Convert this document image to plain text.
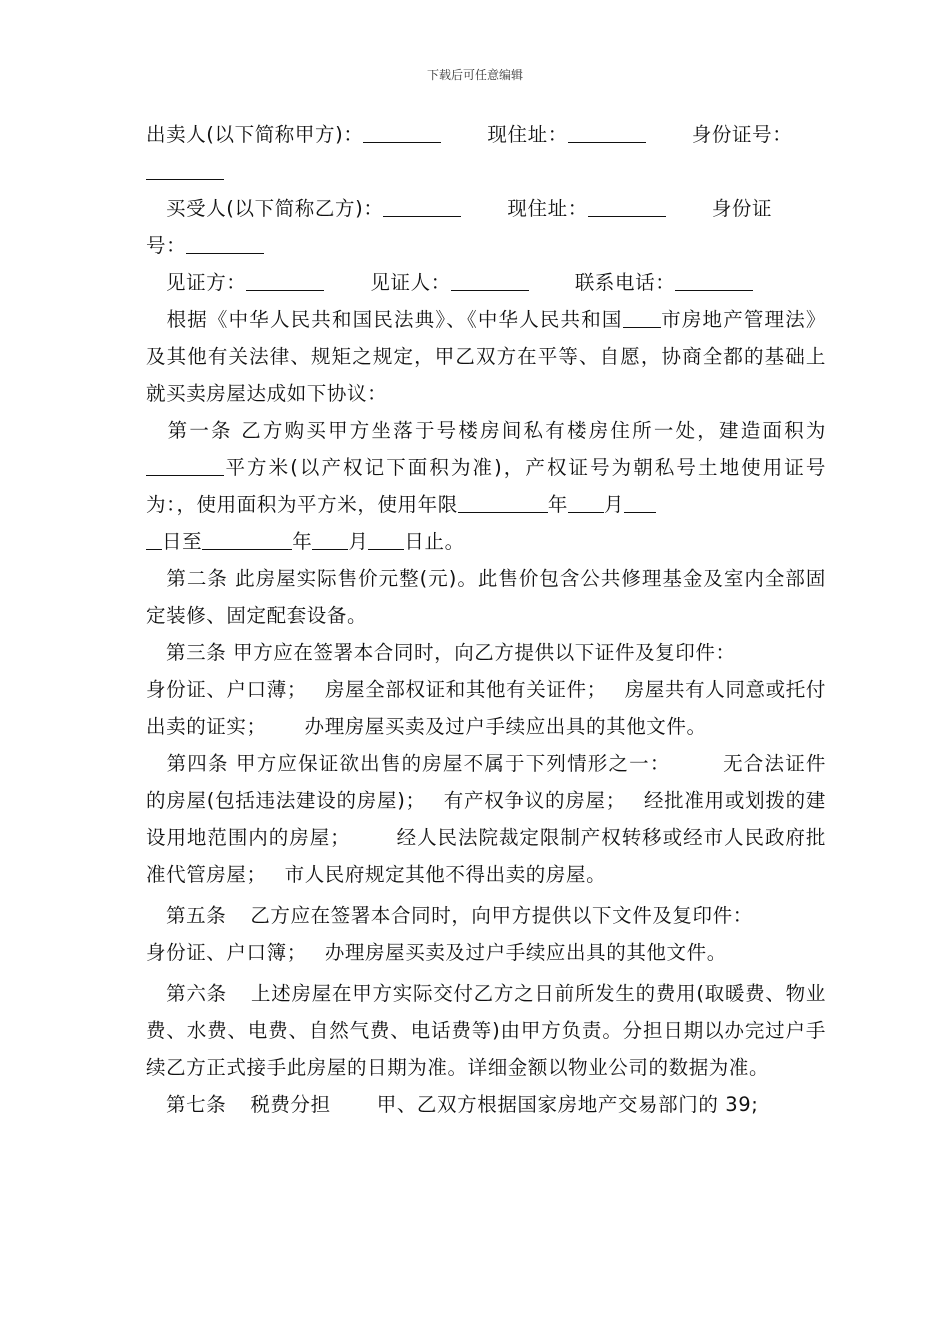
下载后可任意编辑

出卖人(以下简称甲方)：	现住址：	身份证号：

买受人(以下简称乙方)：	现住址：	身份证
号：

见证方：	见证人：	联系电话：

根据《中华人民共和国民法典》、《中华人民共和国 市房地产管理法》及其他有关法律、规矩之规定，甲乙双方在平等、自愿，协商全都的基础上就买卖房屋达成如下协议：

第一条 乙方购买甲方坐落于号楼房间私有楼房住所一处，建造面积为平方米(以产权记下面积为准)，产权证号为朝私号土地使用证号为：，使用面积为平方米，使用年限	年 月
日至	年 月 日止。

第二条 此房屋实际售价元整(元)。此售价包含公共修理基金及室内全部固定装修、固定配套设备。

第三条 甲方应在签署本合同时，向乙方提供以下证件及复印件：
身份证、户口薄； 房屋全部权证和其他有关证件； 房屋共有人同意或托付出卖的证实； 办理房屋买卖及过户手续应出具的其他文件。

第四条 甲方应保证欲出售的房屋不属于下列情形之一：	无合法证件的房屋(包括违法建设的房屋)； 有产权争议的房屋； 经批准用或划拨的建设用地范围内的房屋； 经人民法院裁定限制产权转移或经市人民政府批准代管房屋； 市人民府规定其他不得出卖的房屋。

第五条 乙方应在签署本合同时，向甲方提供以下文件及复印件：
身份证、户口簿； 办理房屋买卖及过户手续应出具的其他文件。

第六条 上述房屋在甲方实际交付乙方之日前所发生的费用(取暖费、物业费、水费、电费、自然气费、电话费等)由甲方负责。分担日期以办完过户手续乙方正式接手此房屋的日期为准。详细金额以物业公司的数据为准。

第七条 税费分担 甲、乙双方根据国家房地产交易部门的 39;
